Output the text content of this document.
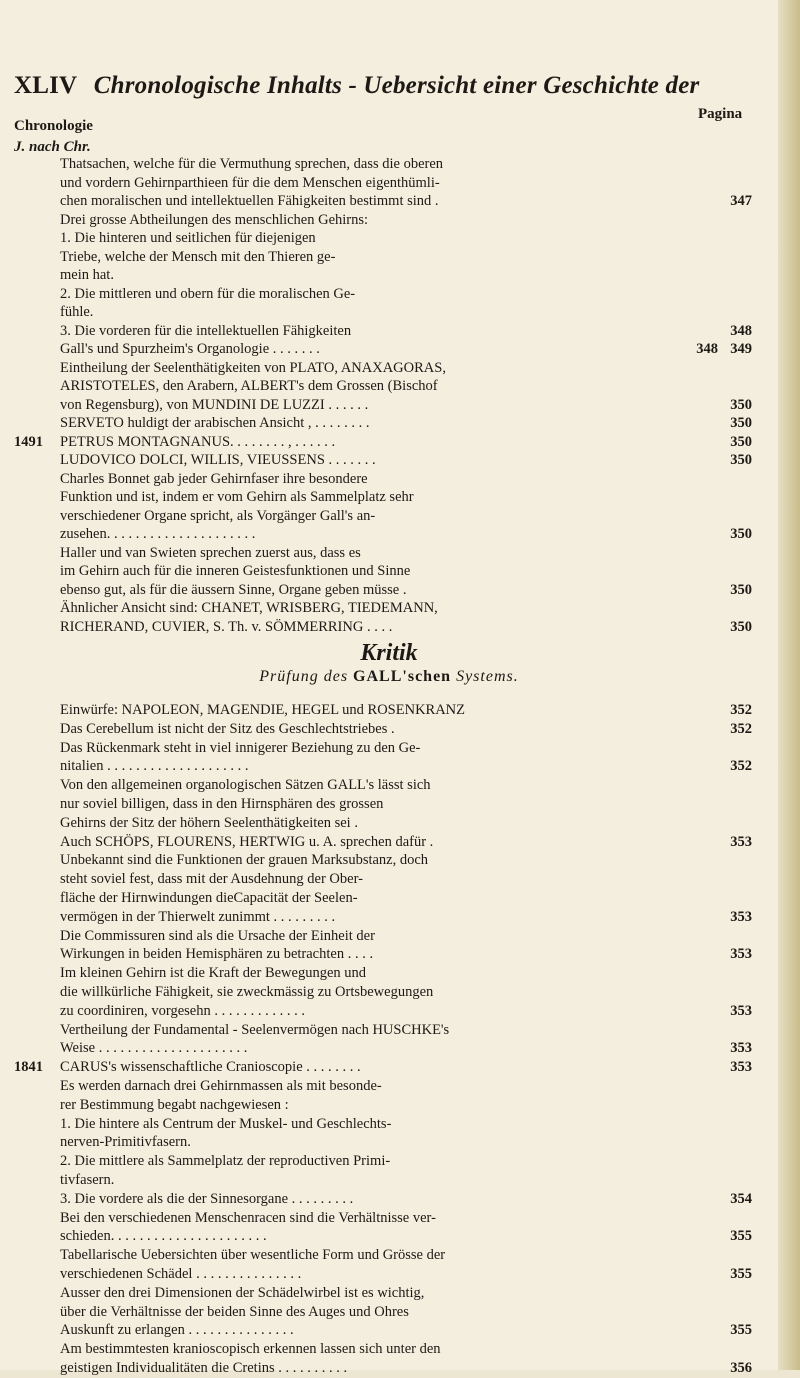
XLIV Chronologische Inhalts - Uebersicht einer Geschichte der
Chronologie
Pagina
J. nach Chr.
Thatsachen, welche für die Vermuthung sprechen, dass die oberen
und vordern Gehirnparthieen für die dem Menschen eigenthümli-
chen moralischen und intellektuellen Fähigkeiten bestimmt sind .	347
Drei grosse Abtheilungen des menschlichen Gehirns:
1. Die hinteren und seitlichen für diejenigen
Triebe, welche der Mensch mit den Thieren ge-
mein hat.
2. Die mittleren und obern für die moralischen Ge-
fühle.
3. Die vorderen für die intellektuellen Fähigkeiten	348
Gall's und Spurzheim's Organologie . . . . . . .	348 349
Eintheilung der Seelenthätigkeiten von PLATO, ANAXAGORAS,
ARISTOTELES, den Arabern, ALBERT's dem Grossen (Bischof
von Regensburg), von MUNDINI DE LUZZI . . . . . .	350
SERVETO huldigt der arabischen Ansicht , . . . . . . . .	350
1491 PETRUS MONTAGNANUS. . . . . . . . , . . . . . .	350
LUDOVICO DOLCI, WILLIS, VIEUSSENS . . . . . . .	350
Charles Bonnet gab jeder Gehirnfaser ihre besondere
Funktion und ist, indem er vom Gehirn als Sammelplatz sehr
verschiedener Organe spricht, als Vorgänger Gall's an-
zusehen. . . . . . . . . . . . . . . . . . . . .	350
Haller und van Swieten sprechen zuerst aus, dass es
im Gehirn auch für die inneren Geistesfunktionen und Sinne
ebenso gut, als für die äussern Sinne, Organe geben müsse .	350
Ähnlicher Ansicht sind: CHANET, WRISBERG, TIEDEMANN,
RICHERAND, CUVIER, S. Th. v. SÖMMERRING . . . .	350
Kritik
Prüfung des GALL'schen Systems.
Einwürfe: NAPOLEON, MAGENDIE, HEGEL und ROSENKRANZ	352
Das Cerebellum ist nicht der Sitz des Geschlechtstriebes .	352
Das Rückenmark steht in viel innigerer Beziehung zu den Ge-
nitalien . . . . . . . . . . . . . . . . . . . .	352
Von den allgemeinen organologischen Sätzen GALL's lässt sich
nur soviel billigen, dass in den Hirnsphären des grossen
Gehirns der Sitz der höhern Seelenthätigkeiten sei .
Auch SCHÖPS, FLOURENS, HERTWIG u. A. sprechen dafür .	353
Unbekannt sind die Funktionen der grauen Marksubstanz, doch
steht soviel fest, dass mit der Ausdehnung der Ober-
fläche der Hirnwindungen dieCapacität der Seelen-
vermögen in der Thierwelt zunimmt . . . . . . . . .	353
Die Commissuren sind als die Ursache der Einheit der
Wirkungen in beiden Hemisphären zu betrachten . . . .	353
Im kleinen Gehirn ist die Kraft der Bewegungen und
die willkürliche Fähigkeit, sie zweckmässig zu Ortsbewegungen
zu coordiniren, vorgesehn . . . . . . . . . . . . .	353
Vertheilung der Fundamental - Seelenvermögen nach HUSCHKE's
Weise . . . . . . . . . . . . . . . . . . . . .	353
1841 CARUS's wissenschaftliche Cranioscopie . . . . . . . .	353
Es werden darnach drei Gehirnmassen als mit besonde-
rer Bestimmung begabt nachgewiesen :
1. Die hintere als Centrum der Muskel- und Geschlechts-
nerven-Primitivfasern.
2. Die mittlere als Sammelplatz der reproductiven Primi-
tivfasern.
3. Die vordere als die der Sinnesorgane . . . . . . . . .	354
Bei den verschiedenen Menschenracen sind die Verhältnisse ver-
schieden. . . . . . . . . . . . . . . . . . . . . .	355
Tabellarische Uebersichten über wesentliche Form und Grösse der
verschiedenen Schädel . . . . . . . . . . . . . . .	355
Ausser den drei Dimensionen der Schädelwirbel ist es wichtig,
über die Verhältnisse der beiden Sinne des Auges und Ohres
Auskunft zu erlangen . . . . . . . . . . . . . . .	355
Am bestimmtesten kranioscopisch erkennen lassen sich unter den
geistigen Individualitäten die Cretins . . . . . . . . . .	356
